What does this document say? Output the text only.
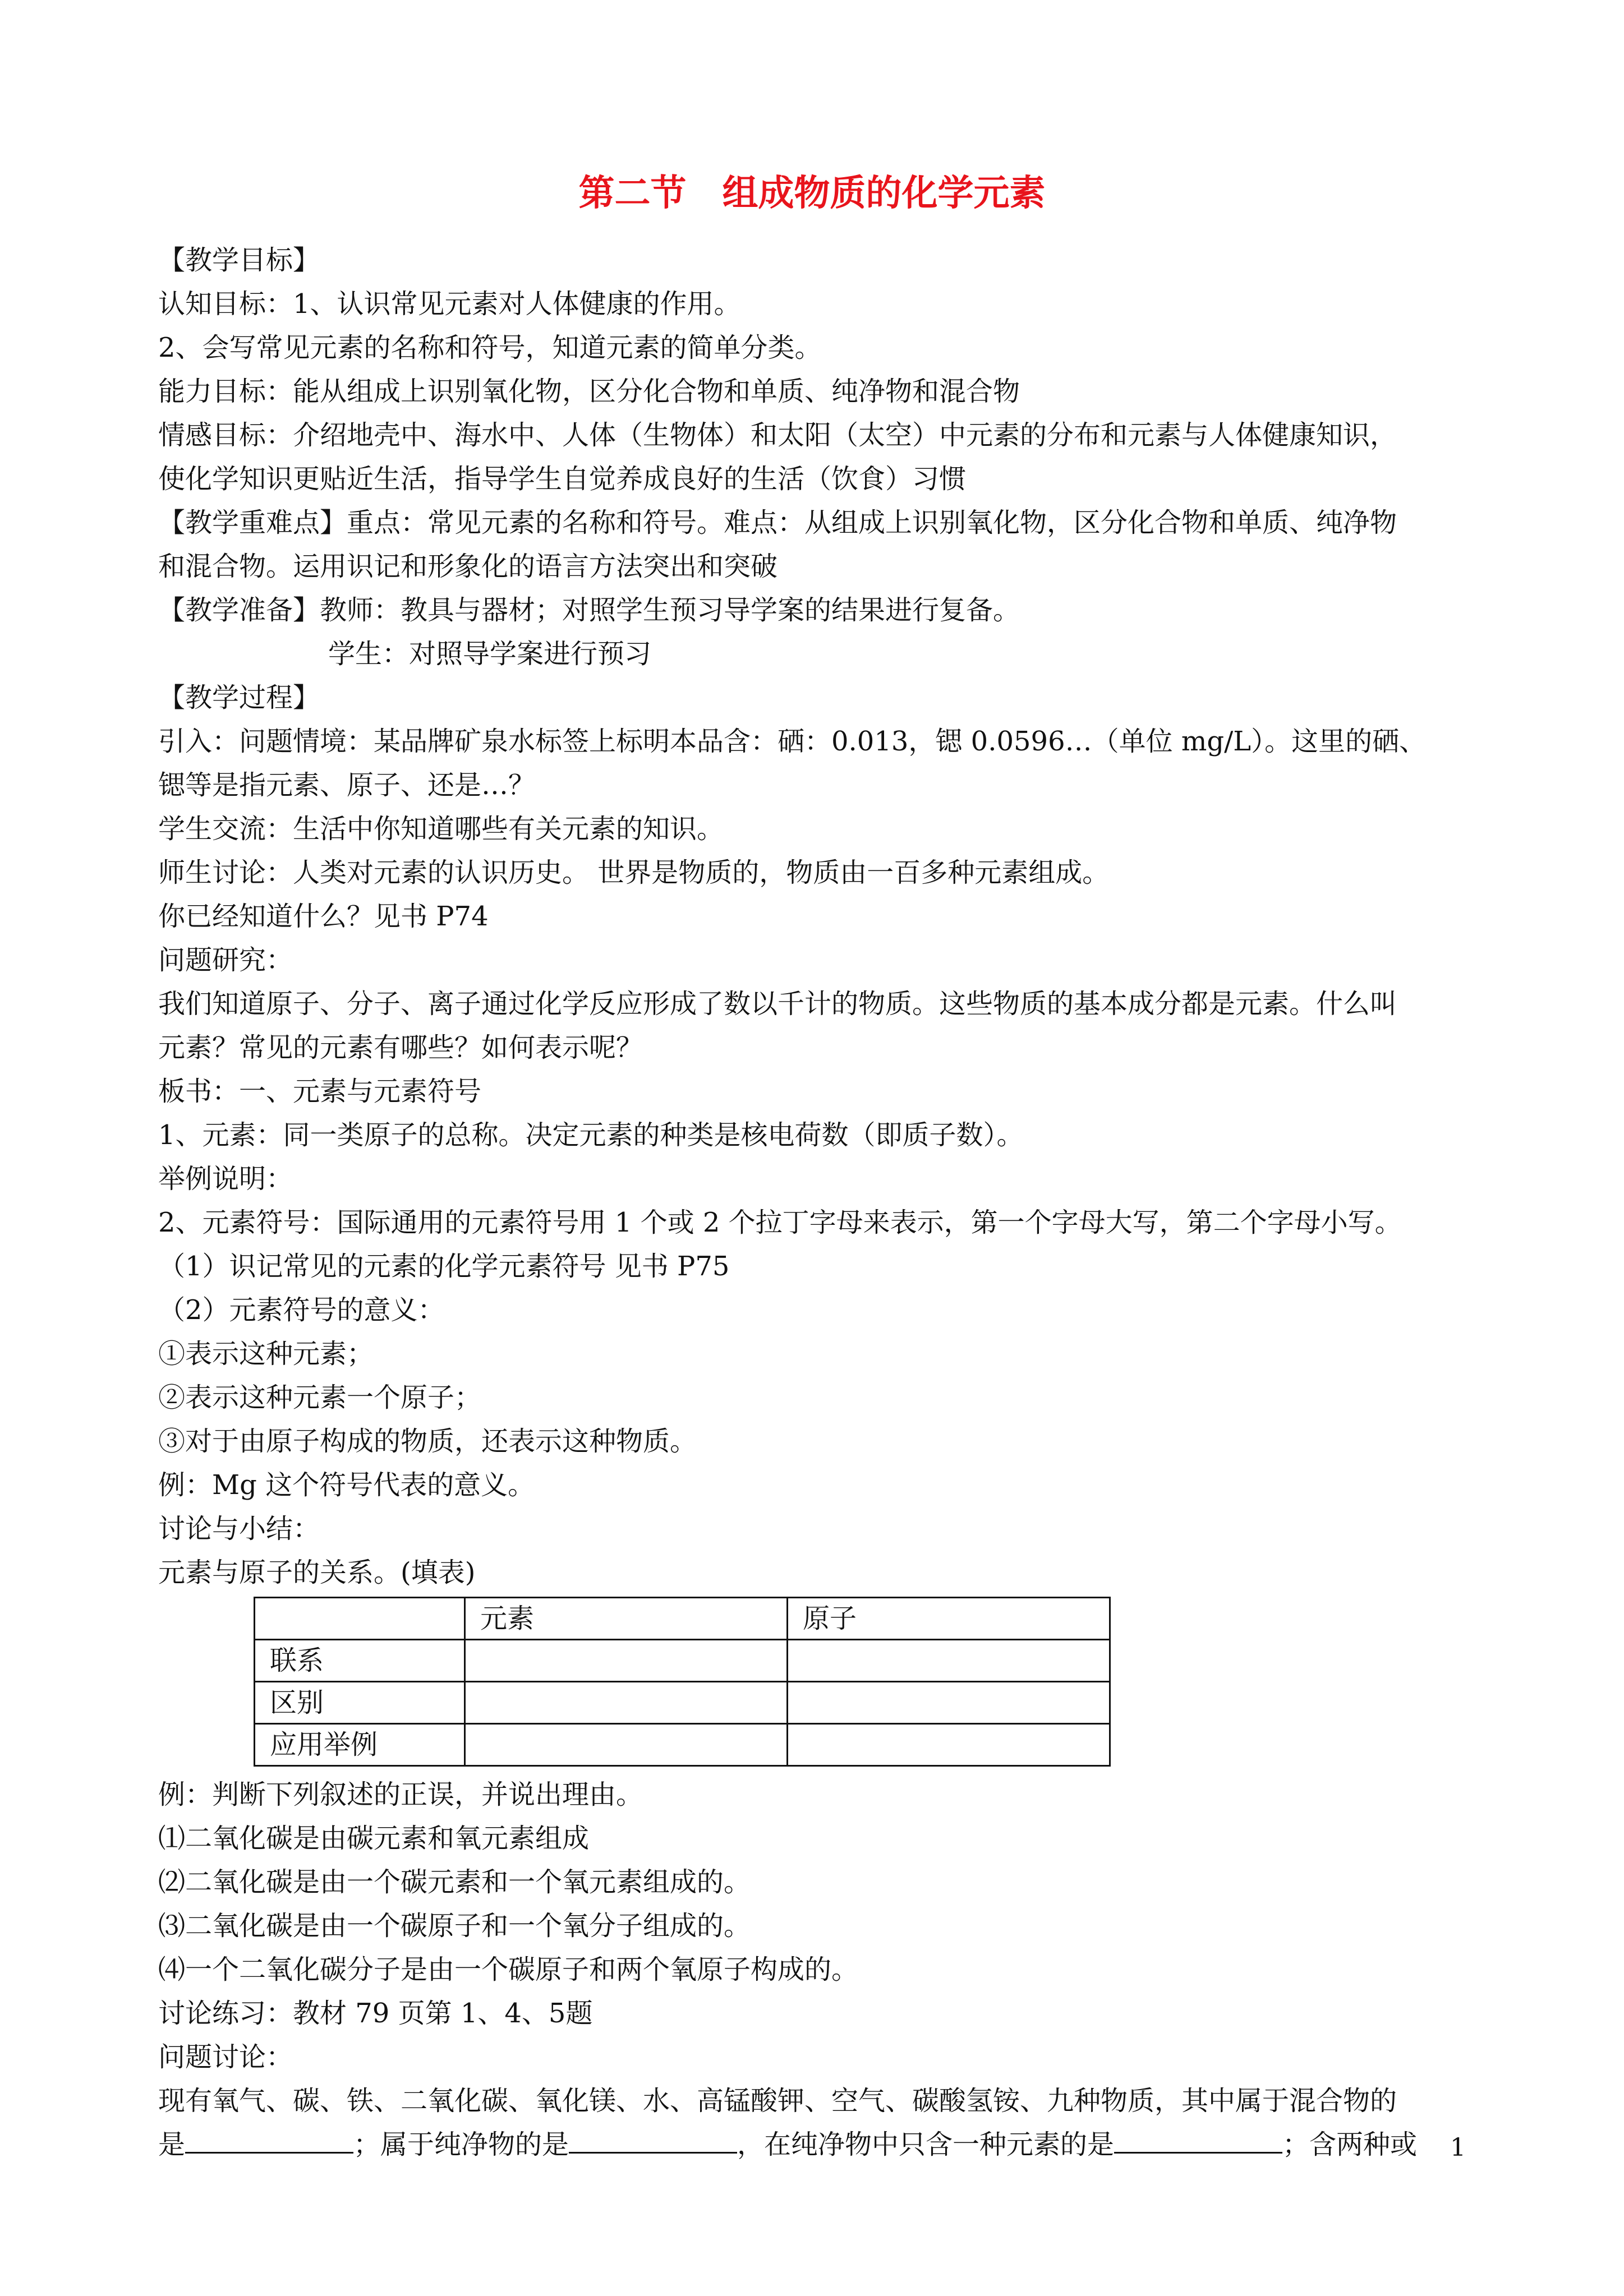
第二节　组成物质的化学元素
【教学目标】
认知目标：1、认识常见元素对人体健康的作用。
2、会写常见元素的名称和符号，知道元素的简单分类。
能力目标：能从组成上识别氧化物，区分化合物和单质、纯净物和混合物
情感目标：介绍地壳中、海水中、人体（生物体）和太阳（太空）中元素的分布和元素与人体健康知识，
使化学知识更贴近生活，指导学生自觉养成良好的生活（饮食）习惯
【教学重难点】重点：常见元素的名称和符号。难点：从组成上识别氧化物，区分化合物和单质、纯净物
和混合物。运用识记和形象化的语言方法突出和突破
【教学准备】教师：教具与器材；对照学生预习导学案的结果进行复备。
学生：对照导学案进行预习
【教学过程】
引入：问题情境：某品牌矿泉水标签上标明本品含：硒：0.013，锶 0.0596…（单位 mg/L）。这里的硒、
锶等是指元素、原子、还是…？
学生交流：生活中你知道哪些有关元素的知识。
师生讨论：人类对元素的认识历史。 世界是物质的，物质由一百多种元素组成。
你已经知道什么？见书 P74
问题研究：
我们知道原子、分子、离子通过化学反应形成了数以千计的物质。这些物质的基本成分都是元素。什么叫
元素？常见的元素有哪些？如何表示呢？
板书：一、元素与元素符号
1、元素：同一类原子的总称。决定元素的种类是核电荷数（即质子数）。
举例说明：
2、元素符号：国际通用的元素符号用 1 个或 2 个拉丁字母来表示，第一个字母大写，第二个字母小写。
（1）识记常见的元素的化学元素符号 见书 P75
（2）元素符号的意义：
①表示这种元素；
②表示这种元素一个原子；
③对于由原子构成的物质，还表示这种物质。
例：Mg 这个符号代表的意义。
讨论与小结：
元素与原子的关系。(填表)
	元素	原子
联系		
区别		
应用举例		
例：判断下列叙述的正误，并说出理由。
⑴二氧化碳是由碳元素和氧元素组成
⑵二氧化碳是由一个碳元素和一个氧元素组成的。
⑶二氧化碳是由一个碳原子和一个氧分子组成的。
⑷一个二氧化碳分子是由一个碳原子和两个氧原子构成的。
讨论练习：教材 79 页第 1、4、5题
问题讨论：
现有氧气、碳、铁、二氧化碳、氧化镁、水、高锰酸钾、空气、碳酸氢铵、九种物质，其中属于混合物的
是	；属于纯净物的是	，在纯净物中只含一种元素的是	；含两种或	1
